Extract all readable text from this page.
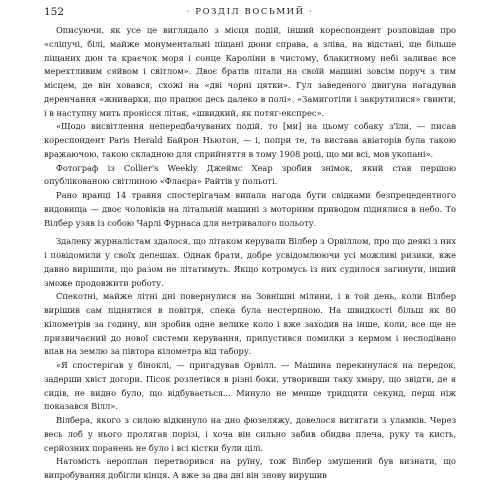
152	· РОЗДІЛ ВОСЬМИЙ ·

Описуючи, як усе це виглядало з місця подій, інший кореспондент розповідав про «сліпучі, білі, майже монументальні піщані дюни справа, а зліва, на відстані, ще більше піщаних дюн та краєчок моря і сонце Кароліни в чистому, блакитному небі заливає все мерехтливим сяйвом і світлом». Двоє братів літали на своїй машині зовсім поруч з тим місцем, де він ховався, схожі на «дві чорні цятки». Гул заведеного двигуна нагадував деренчання «жниварки, що працює десь далеко в полі». «Замиготіли і закрутилися» гвинти, і в наступну мить пронісся літак, «швидкий, як потяг-експрес».

«Щодо висвітлення непередбачуваних подій, то [ми] на цьому собаку з'їли, — писав кореспондент Paris Herald Байрон Ньютон, — і, попри те, та вистава авіаторів була такою вражаючою, такою складною для сприйняття в тому 1908 році, що ми всі, мов укопані».

Фотограф із Collier's Weekly Джеймс Хеар зробив знімок, який став першою опублікованою світлиною «Флаєра» Райтів у польоті.

Рано вранці 14 травня спостерігачам випала нагода бути свідками безпрецедентного видовища — двоє чоловіків на літальній машині з моторним приводом піднялися в небо. То Вілбер узяв із собою Чарлі Фурнаса для нетривалого польоту.

Здалеку журналістам здалося, що літаком керували Вілбер з Орвіллом, про що деякі з них і повідомили у своїх депешах. Однак брати, добре усвідомлюючи усі можливі ризики, вже давно вирішили, що разом не літатимуть. Якщо котромусь із них судилося загинути, інший зможе продовжити роботу.

Спекотні, майже літні дні повернулися на Зовнішні мілини, і в той день, коли Вілбер вирішив сам піднятися в повітря, спека була нестерпною. На швидкості більш як 80 кілометрів за годину, він зробив одне велике коло і вже заходив на інше, коли, все ще не призвичаєний до нової системи керування, припустився помилки з кермом і несподівано впав на землю за півтора кілометра від табору.

«Я спостерігав у біноклі, — пригадував Орвілл. — Машина перекинулася на передок, задерши хвіст догори. Пісок розлетівся в різні боки, утворивши таку хмару, що звідти, де я сидів, не видно було, що відбувається... Минуло не менше тридцяти секунд, перш ніж показався Вілл».

Вілбера, якого з силою відкинуло на дно фюзеляжу, довелося витягати з уламків. Через весь лоб у нього пролягав порізі, і хоча він сильно забив обидва плеча, руку та кисть, серйозних поранень не було і всі кістки були цілі.

Натомість аероплан перетворився на руїну, тож Вілбер змушений був визнати, що випробування добігли кінця. А вже за два дні він знову вирушив
